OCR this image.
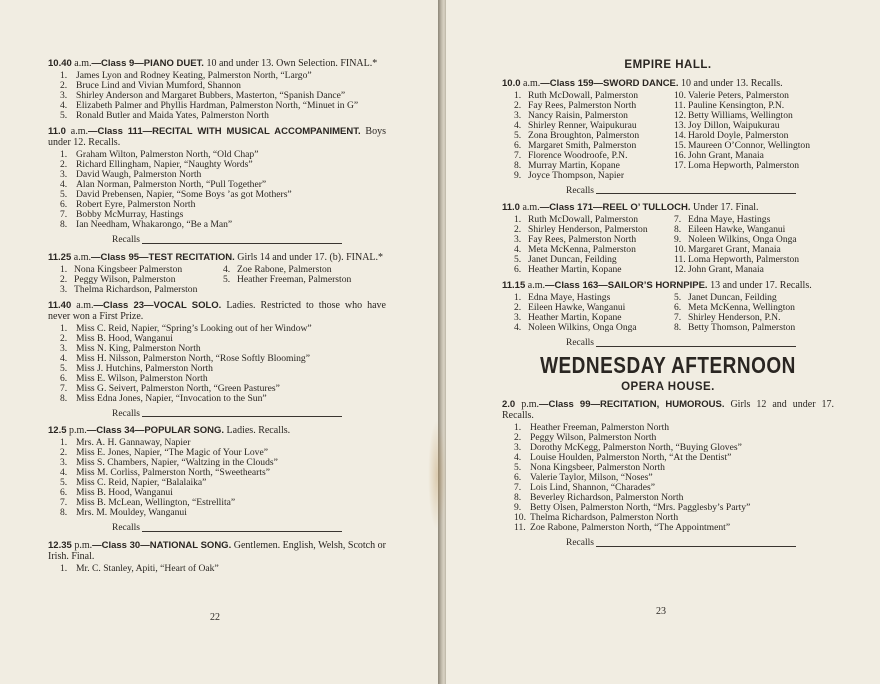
10.40 a.m.—Class 9—PIANO DUET. 10 and under 13. Own Selection. FINAL.*
1. James Lyon and Rodney Keating, Palmerston North, “Largo”
2. Bruce Lind and Vivian Mumford, Shannon
3. Shirley Anderson and Margaret Bubbers, Masterton, “Spanish Dance”
4. Elizabeth Palmer and Phyllis Hardman, Palmerston North, “Minuet in G”
5. Ronald Butler and Maida Yates, Palmerston North
11.0 a.m.—Class 111—RECITAL WITH MUSICAL ACCOMPANIMENT. Boys under 12. Recalls.
1. Graham Wilton, Palmerston North, “Old Chap”
2. Richard Ellingham, Napier, “Naughty Words”
3. David Waugh, Palmerston North
4. Alan Norman, Palmerston North, “Pull Together”
5. David Prebensen, Napier, “Some Boys ’as got Mothers”
6. Robert Eyre, Palmerston North
7. Bobby McMurray, Hastings
8. Ian Needham, Whakarongo, “Be a Man”
Recalls
11.25 a.m.—Class 95—TEST RECITATION. Girls 14 and under 17. (b). FINAL.*
1. Nona Kingsbeer Palmerston
2. Peggy Wilson, Palmerston
3. Thelma Richardson, Palmerston
4. Zoe Rabone, Palmerston
5. Heather Freeman, Palmerston
11.40 a.m.—Class 23—VOCAL SOLO. Ladies. Restricted to those who have never won a First Prize.
1. Miss C. Reid, Napier, “Spring’s Looking out of her Window”
2. Miss B. Hood, Wanganui
3. Miss N. King, Palmerston North
4. Miss H. Nilsson, Palmerston North, “Rose Softly Blooming”
5. Miss J. Hutchins, Palmerston North
6. Miss E. Wilson, Palmerston North
7. Miss G. Seivert, Palmerston North, “Green Pastures”
8. Miss Edna Jones, Napier, “Invocation to the Sun”
Recalls
12.5 p.m.—Class 34—POPULAR SONG. Ladies. Recalls.
1. Mrs. A. H. Gannaway, Napier
2. Miss E. Jones, Napier, “The Magic of Your Love”
3. Miss S. Chambers, Napier, “Waltzing in the Clouds”
4. Miss M. Corliss, Palmerston North, “Sweethearts”
5. Miss C. Reid, Napier, “Balalaika”
6. Miss B. Hood, Wanganui
7. Miss B. McLean, Wellington, “Estrellita”
8. Mrs. M. Mouldey, Wanganui
Recalls
12.35 p.m.—Class 30—NATIONAL SONG. Gentlemen. English, Welsh, Scotch or Irish. Final.
1. Mr. C. Stanley, Apiti, “Heart of Oak”
22
EMPIRE HALL.
10.0 a.m.—Class 159—SWORD DANCE. 10 and under 13. Recalls.
1. Ruth McDowall, Palmerston
2. Fay Rees, Palmerston North
3. Nancy Raisin, Palmerston
4. Shirley Renner, Waipukurau
5. Zona Broughton, Palmerston
6. Margaret Smith, Palmerston
7. Florence Woodroofe, P.N.
8. Murray Martin, Kopane
9. Joyce Thompson, Napier
10. Valerie Peters, Palmerston
11. Pauline Kensington, P.N.
12. Betty Williams, Wellington
13. Joy Dillon, Waipukurau
14. Harold Doyle, Palmerston
15. Maureen O’Connor, Wellington
16. John Grant, Manaia
17. Loma Hepworth, Palmerston
Recalls
11.0 a.m.—Class 171—REEL O’ TULLOCH. Under 17. Final.
1. Ruth McDowall, Palmerston
2. Shirley Henderson, Palmerston
3. Fay Rees, Palmerston North
4. Meta McKenna, Palmerston
5. Janet Duncan, Feilding
6. Heather Martin, Kopane
7. Edna Maye, Hastings
8. Eileen Hawke, Wanganui
9. Noleen Wilkins, Onga Onga
10. Margaret Grant, Manaia
11. Loma Hepworth, Palmerston
12. John Grant, Manaia
11.15 a.m.—Class 163—SAILOR’S HORNPIPE. 13 and under 17. Recalls.
1. Edna Maye, Hastings
2. Eileen Hawke, Wanganui
3. Heather Martin, Kopane
4. Noleen Wilkins, Onga Onga
5. Janet Duncan, Feilding
6. Meta McKenna, Wellington
7. Shirley Henderson, P.N.
8. Betty Thomson, Palmerston
Recalls
WEDNESDAY AFTERNOON
OPERA HOUSE.
2.0 p.m.—Class 99—RECITATION, HUMOROUS. Girls 12 and under 17. Recalls.
1. Heather Freeman, Palmerston North
2. Peggy Wilson, Palmerston North
3. Dorothy McKegg, Palmerston North, “Buying Gloves”
4. Louise Houlden, Palmerston North, “At the Dentist”
5. Nona Kingsbeer, Palmerston North
6. Valerie Taylor, Milson, “Noses”
7. Lois Lind, Shannon, “Charades”
8. Beverley Richardson, Palmerston North
9. Betty Olsen, Palmerston North, “Mrs. Pagglesby’s Party”
10. Thelma Richardson, Palmerston North
11. Zoe Rabone, Palmerston North, “The Appointment”
Recalls
23
